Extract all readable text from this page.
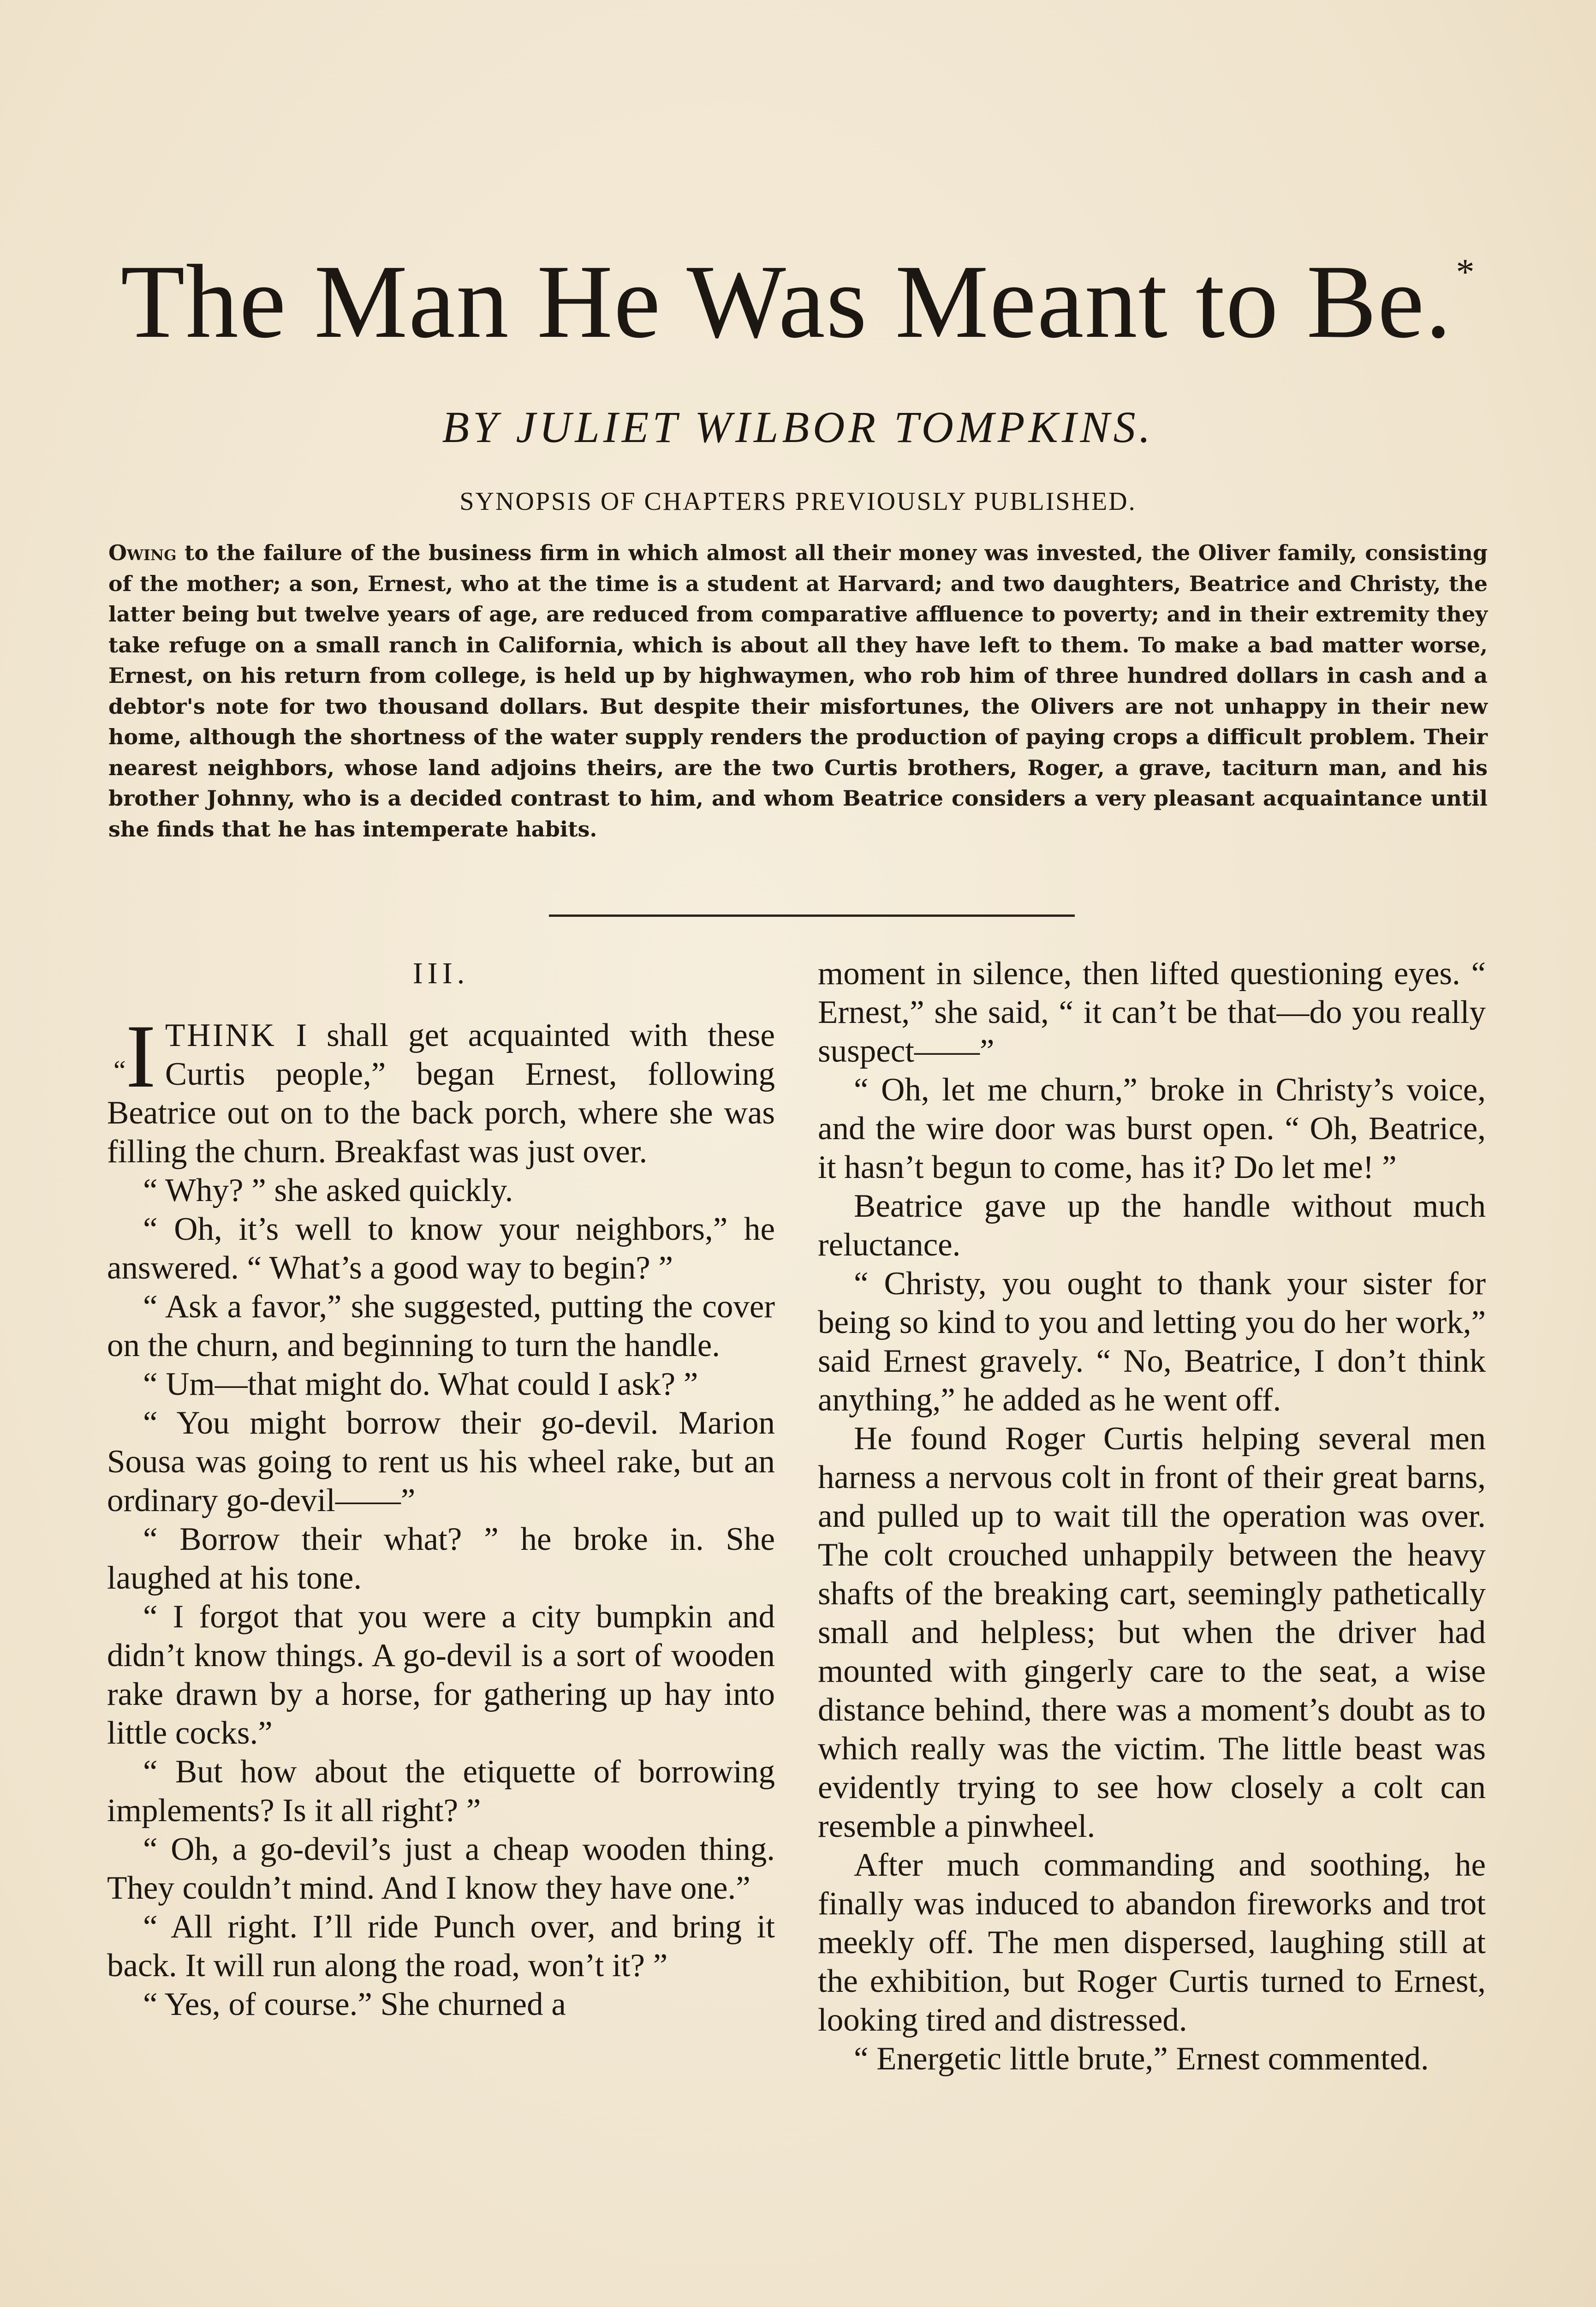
The Man He Was Meant to Be. *
BY JULIET WILBOR TOMPKINS.
SYNOPSIS OF CHAPTERS PREVIOUSLY PUBLISHED.
Owing to the failure of the business firm in which almost all their money was invested, the Oliver family, consisting of the mother; a son, Ernest, who at the time is a student at Harvard; and two daughters, Beatrice and Christy, the latter being but twelve years of age, are reduced from comparative affluence to poverty; and in their extremity they take refuge on a small ranch in California, which is about all they have left to them. To make a bad matter worse, Ernest, on his return from college, is held up by highwaymen, who rob him of three hundred dollars in cash and a debtor's note for two thousand dollars. But despite their misfortunes, the Olivers are not unhappy in their new home, although the shortness of the water supply renders the production of paying crops a difficult problem. Their nearest neighbors, whose land adjoins theirs, are the two Curtis brothers, Roger, a grave, taciturn man, and his brother Johnny, who is a decided contrast to him, and whom Beatrice considers a very pleasant acquaintance until she finds that he has intemperate habits.
III.

“I THINK I shall get acquainted with these Curtis people,” began Ernest, following Beatrice out on to the back porch, where she was filling the churn. Breakfast was just over.

“ Why? ” she asked quickly.

“ Oh, it’s well to know your neighbors,” he answered. “ What’s a good way to begin? ”

“ Ask a favor,” she suggested, putting the cover on the churn, and beginning to turn the handle.

“ Um—that might do. What could I ask? ”

“ You might borrow their go-devil. Marion Sousa was going to rent us his wheel rake, but an ordinary go-devil——”

“ Borrow their what? ” he broke in. She laughed at his tone.

“ I forgot that you were a city bumpkin and didn’t know things. A go-devil is a sort of wooden rake drawn by a horse, for gathering up hay into little cocks.”

“ But how about the etiquette of borrowing implements? Is it all right? ”

“ Oh, a go-devil’s just a cheap wooden thing. They couldn’t mind. And I know they have one.”

“ All right. I’ll ride Punch over, and bring it back. It will run along the road, won’t it? ”

“ Yes, of course.” She churned a

moment in silence, then lifted questioning eyes. “ Ernest,” she said, “ it can’t be that—do you really suspect——”

“ Oh, let me churn,” broke in Christy’s voice, and the wire door was burst open. “ Oh, Beatrice, it hasn’t begun to come, has it? Do let me! ”

Beatrice gave up the handle without much reluctance.

“ Christy, you ought to thank your sister for being so kind to you and letting you do her work,” said Ernest gravely. “ No, Beatrice, I don’t think anything,” he added as he went off.

He found Roger Curtis helping several men harness a nervous colt in front of their great barns, and pulled up to wait till the operation was over. The colt crouched unhappily between the heavy shafts of the breaking cart, seemingly pathetically small and helpless; but when the driver had mounted with gingerly care to the seat, a wise distance behind, there was a moment’s doubt as to which really was the victim. The little beast was evidently trying to see how closely a colt can resemble a pinwheel.

After much commanding and soothing, he finally was induced to abandon fireworks and trot meekly off. The men dispersed, laughing still at the exhibition, but Roger Curtis turned to Ernest, looking tired and distressed.

“ Energetic little brute,” Ernest commented.
